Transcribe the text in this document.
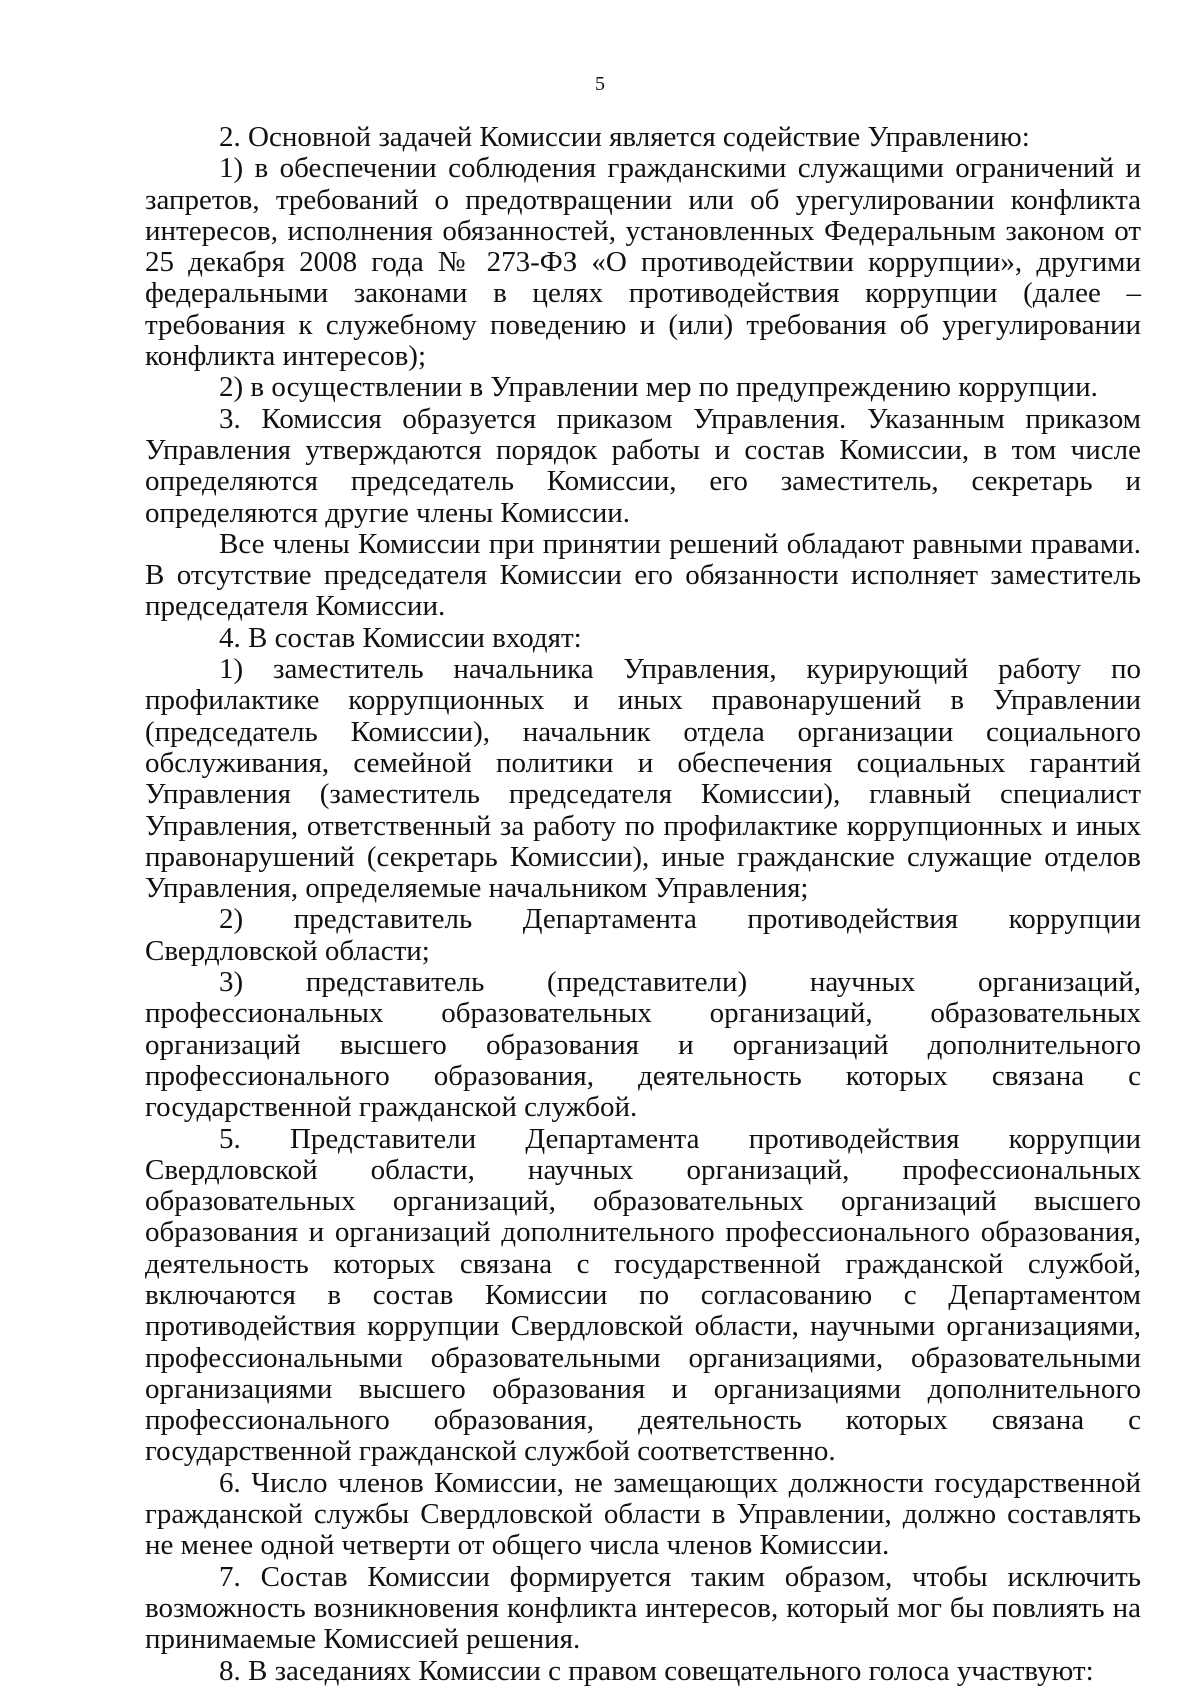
5

2. Основной задачей Комиссии является содействие Управлению:

1) в обеспечении соблюдения гражданскими служащими ограничений и запретов, требований о предотвращении или об урегулировании конфликта интересов, исполнения обязанностей, установленных Федеральным законом от 25 декабря 2008 года № 273-ФЗ «О противодействии коррупции», другими федеральными законами в целях противодействия коррупции (далее – требования к служебному поведению и (или) требования об урегулировании конфликта интересов);

2) в осуществлении в Управлении мер по предупреждению коррупции.

3. Комиссия образуется приказом Управления. Указанным приказом Управления утверждаются порядок работы и состав Комиссии, в том числе определяются председатель Комиссии, его заместитель, секретарь и определяются другие члены Комиссии.

Все члены Комиссии при принятии решений обладают равными правами. В отсутствие председателя Комиссии его обязанности исполняет заместитель председателя Комиссии.

4. В состав Комиссии входят:

1) заместитель начальника Управления, курирующий работу по профилактике коррупционных и иных правонарушений в Управлении (председатель Комиссии), начальник отдела организации социального обслуживания, семейной политики и обеспечения социальных гарантий Управления (заместитель председателя Комиссии), главный специалист Управления, ответственный за работу по профилактике коррупционных и иных правонарушений (секретарь Комиссии), иные гражданские служащие отделов Управления, определяемые начальником Управления;

2) представитель Департамента противодействия коррупции Свердловской области;

3) представитель (представители) научных организаций, профессиональных образовательных организаций, образовательных организаций высшего образования и организаций дополнительного профессионального образования, деятельность которых связана с государственной гражданской службой.

5. Представители Департамента противодействия коррупции Свердловской области, научных организаций, профессиональных образовательных организаций, образовательных организаций высшего образования и организаций дополнительного профессионального образования, деятельность которых связана с государственной гражданской службой, включаются в состав Комиссии по согласованию с Департаментом противодействия коррупции Свердловской области, научными организациями, профессиональными образовательными организациями, образовательными организациями высшего образования и организациями дополнительного профессионального образования, деятельность которых связана с государственной гражданской службой соответственно.

6. Число членов Комиссии, не замещающих должности государственной гражданской службы Свердловской области в Управлении, должно составлять не менее одной четверти от общего числа членов Комиссии.

7. Состав Комиссии формируется таким образом, чтобы исключить возможность возникновения конфликта интересов, который мог бы повлиять на принимаемые Комиссией решения.

8. В заседаниях Комиссии с правом совещательного голоса участвуют:
